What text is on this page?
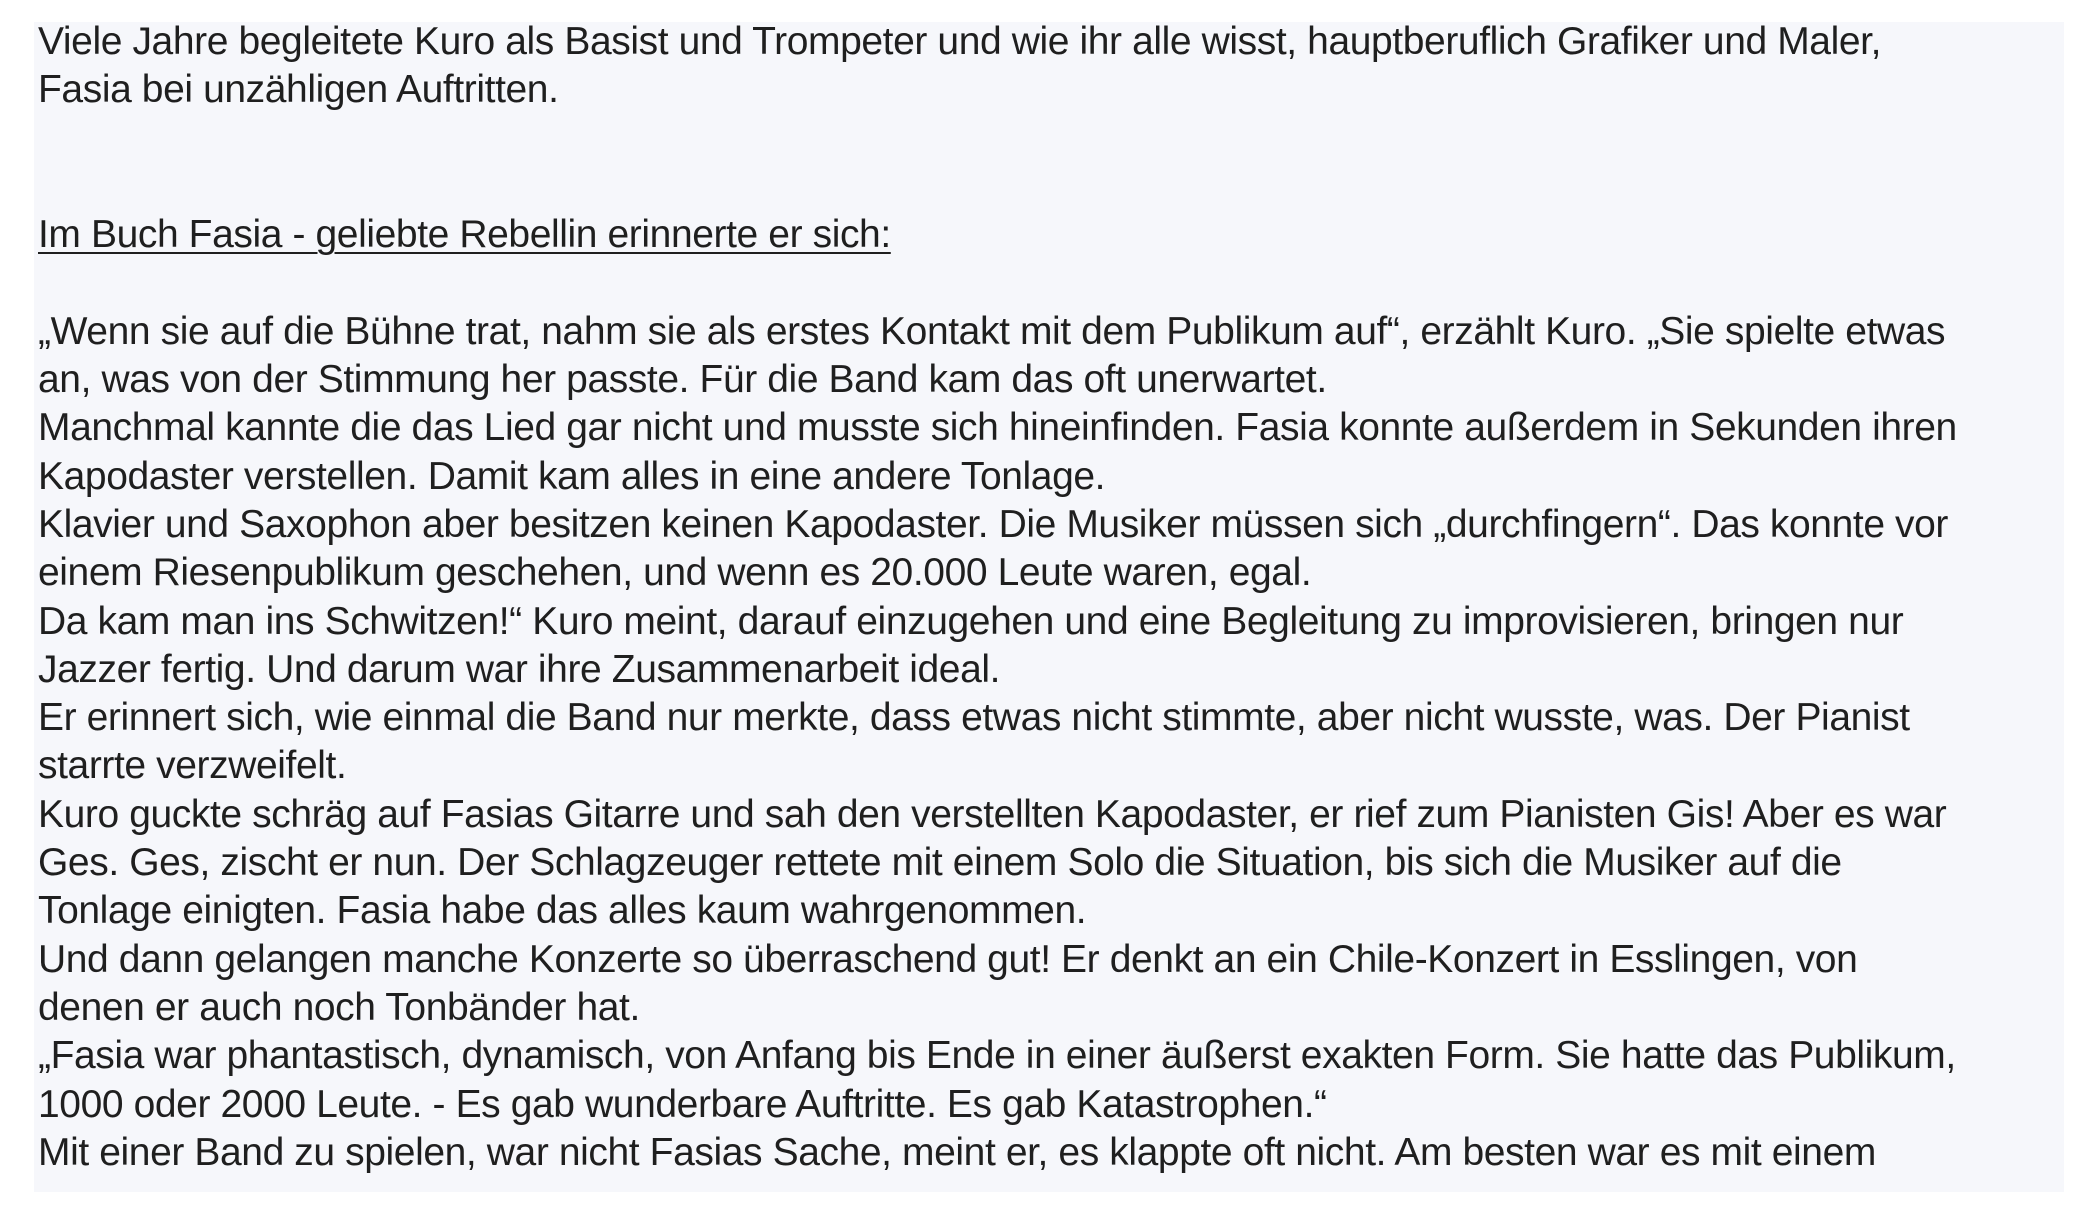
Viele Jahre begleitete Kuro als Basist und Trompeter und wie ihr alle wisst, hauptberuflich Grafiker und Maler,
Fasia bei unzähligen Auftritten.
Im Buch Fasia - geliebte Rebellin erinnerte er sich:
„Wenn sie auf die Bühne trat, nahm sie als erstes Kontakt mit dem Publikum auf“, erzählt Kuro. „Sie spielte etwas
an, was von der Stimmung her passte. Für die Band kam das oft unerwartet.
Manchmal kannte die das Lied gar nicht und musste sich hineinfinden. Fasia konnte außerdem in Sekunden ihren
Kapodaster verstellen. Damit kam alles in eine andere Tonlage.
Klavier und Saxophon aber besitzen keinen Kapodaster. Die Musiker müssen sich „durchfingern“. Das konnte vor
einem Riesenpublikum geschehen, und wenn es 20.000 Leute waren, egal.
Da kam man ins Schwitzen!“ Kuro meint, darauf einzugehen und eine Begleitung zu improvisieren, bringen nur
Jazzer fertig. Und darum war ihre Zusammenarbeit ideal.
Er erinnert sich, wie einmal die Band nur merkte, dass etwas nicht stimmte, aber nicht wusste, was. Der Pianist
starrte verzweifelt.
Kuro guckte schräg auf Fasias Gitarre und sah den verstellten Kapodaster, er rief zum Pianisten Gis! Aber es war
Ges. Ges, zischt er nun. Der Schlagzeuger rettete mit einem Solo die Situation, bis sich die Musiker auf die
Tonlage einigten. Fasia habe das alles kaum wahrgenommen.
Und dann gelangen manche Konzerte so überraschend gut! Er denkt an ein Chile-Konzert in Esslingen, von
denen er auch noch Tonbänder hat.
„Fasia war phantastisch, dynamisch, von Anfang bis Ende in einer äußerst exakten Form. Sie hatte das Publikum,
1000 oder 2000 Leute. - Es gab wunderbare Auftritte. Es gab Katastrophen.“
Mit einer Band zu spielen, war nicht Fasias Sache, meint er, es klappte oft nicht. Am besten war es mit einem
